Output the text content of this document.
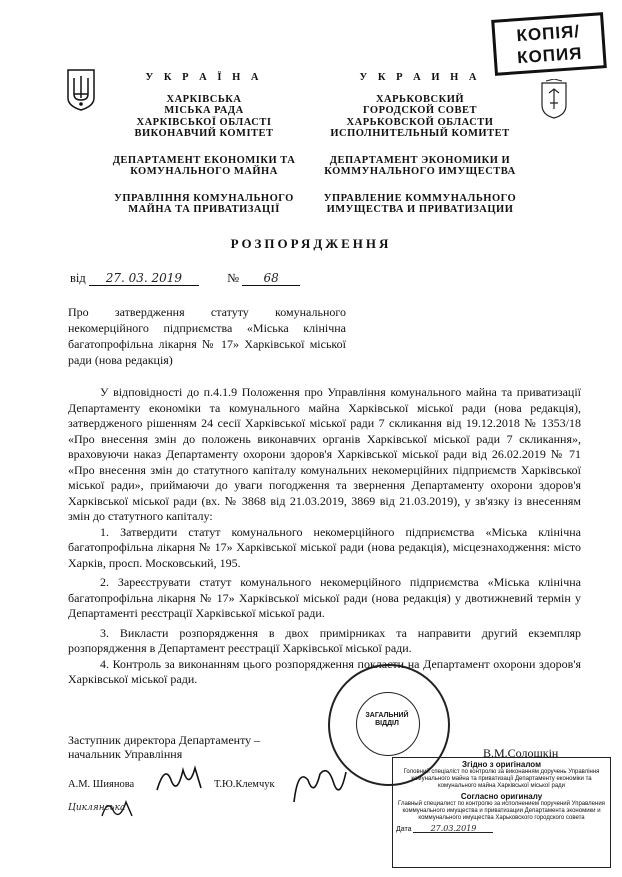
КОПІЯ/
КОПИЯ
У К Р А Ї Н А
ХАРКІВСЬКА
МІСЬКА РАДА
ХАРКІВСЬКОЇ ОБЛАСТІ
ВИКОНАВЧИЙ КОМІТЕТ
ДЕПАРТАМЕНТ ЕКОНОМІКИ ТА
КОМУНАЛЬНОГО МАЙНА
УПРАВЛІННЯ КОМУНАЛЬНОГО
МАЙНА ТА ПРИВАТИЗАЦІЇ
У К Р А И Н А
ХАРЬКОВСКИЙ
ГОРОДСКОЙ СОВЕТ
ХАРЬКОВСКОЙ ОБЛАСТИ
ИСПОЛНИТЕЛЬНЫЙ КОМИТЕТ
ДЕПАРТАМЕНТ ЭКОНОМИКИ И
КОММУНАЛЬНОГО ИМУЩЕСТВА
УПРАВЛЕНИЕ КОММУНАЛЬНОГО
ИМУЩЕСТВА И ПРИВАТИЗАЦИИ
РОЗПОРЯДЖЕННЯ
від 27. 03. 2019	№ 68
Про затвердження статуту комунального некомерційного підприємства «Міська клінічна багатопрофільна лікарня № 17» Харківської міської ради (нова редакція)

У відповідності до п.4.1.9 Положення про Управління комунального майна та приватизації Департаменту економіки та комунального майна Харківської міської ради (нова редакція), затвердженого рішенням 24 сесії Харківської міської ради 7 скликання від 19.12.2018 № 1353/18 «Про внесення змін до положень виконавчих органів Харківської міської ради 7 скликання», враховуючи наказ Департаменту охорони здоров'я Харківської міської ради від 26.02.2019 № 71 «Про внесення змін до статутного капіталу комунальних некомерційних підприємств Харківської міської ради», приймаючи до уваги погодження та звернення Департаменту охорони здоров'я Харківської міської ради (вх. № 3868 від 21.03.2019, 3869 від 21.03.2019), у зв'язку із внесенням змін до статутного капіталу:

1. Затвердити статут комунального некомерційного підприємства «Міська клінічна багатопрофільна лікарня № 17» Харківської міської ради (нова редакція), місцезнаходження: місто Харків, просп. Московський, 195.

2. Зареєструвати статут комунального некомерційного підприємства «Міська клінічна багатопрофільна лікарня № 17» Харківської міської ради (нова редакція) у двотижневий термін у Департаменті реєстрації Харківської міської ради.

3. Викласти розпорядження в двох примірниках та направити другий екземпляр розпорядження в Департамент реєстрації Харківської міської ради.

4. Контроль за виконанням цього розпорядження покласти на Департамент охорони здоров'я Харківської міської ради.

ЗАГАЛЬНИЙ ВІДДІЛ
Заступник директора Департаменту –
начальник Управління	В.М.Солошкін
А.М. Шиянова	Т.Ю.Клемчук
Циклянська
Згідно з оригіналом
Головний спеціаліст по контролю за виконанням доручень Управління комунального майна та приватизації Департаменту економіки та комунального майна Харківської міської ради
Согласно оригиналу
Главный специалист по контролю за исполнением поручений Управления коммунального имущества и приватизации Департамента экономики и коммунального имущества Харьковского городского совета
Дата 27.03.2019
